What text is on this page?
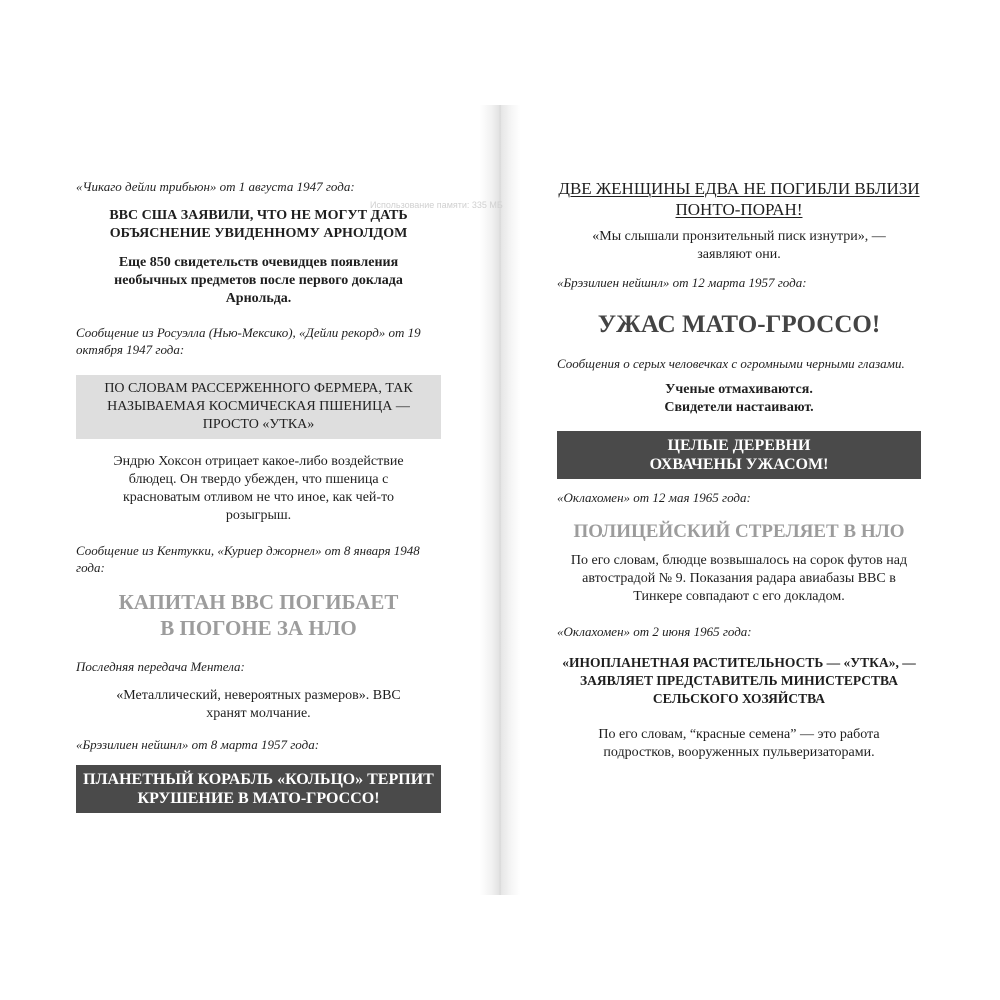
Использование памяти: 335 МБ

«Чикаго дейли трибьюн» от 1 августа 1947 года:

ВВС США ЗАЯВИЛИ, ЧТО НЕ МОГУТ ДАТЬ ОБЪЯСНЕНИЕ УВИДЕННОМУ АРНОЛДОМ

Еще 850 свидетельств очевидцев появления необычных предметов после первого доклада Арнольда.

Сообщение из Росуэлла (Нью-Мексико), «Дейли рекорд» от 19 октября 1947 года:

ПО СЛОВАМ РАССЕРЖЕННОГО ФЕРМЕРА, ТАК НАЗЫВАЕМАЯ КОСМИЧЕСКАЯ ПШЕНИЦА — ПРОСТО «УТКА»

Эндрю Хоксон отрицает какое-либо воздействие блюдец. Он твердо убежден, что пшеница с красноватым отливом не что иное, как чей-то розыгрыш.

Сообщение из Кентукки, «Куриер джорнел» от 8 января 1948 года:

КАПИТАН ВВС ПОГИБАЕТ В ПОГОНЕ ЗА НЛО

Последняя передача Ментела:

«Металлический, невероятных размеров». ВВС хранят молчание.

«Брэзилиен нейшнл» от 8 марта 1957 года:

ПЛАНЕТНЫЙ КОРАБЛЬ «КОЛЬЦО» ТЕРПИТ КРУШЕНИЕ В МАТО-ГРОССО!

ДВЕ ЖЕНЩИНЫ ЕДВА НЕ ПОГИБЛИ ВБЛИЗИ ПОНТО-ПОРАН!

«Мы слышали пронзительный писк изнутри», — заявляют они.

«Брэзилиен нейшнл» от 12 марта 1957 года:

УЖАС МАТО-ГРОССО!

Сообщения о серых человечках с огромными черными глазами.

Ученые отмахиваются. Свидетели настаивают.

ЦЕЛЫЕ ДЕРЕВНИ ОХВАЧЕНЫ УЖАСОМ!

«Оклахомен» от 12 мая 1965 года:

ПОЛИЦЕЙСКИЙ СТРЕЛЯЕТ В НЛО

По его словам, блюдце возвышалось на сорок футов над автострадой № 9. Показания радара авиабазы ВВС в Тинкере совпадают с его докладом.

«Оклахомен» от 2 июня 1965 года:

«ИНОПЛАНЕТНАЯ РАСТИТЕЛЬНОСТЬ — «УТКА», — ЗАЯВЛЯЕТ ПРЕДСТАВИТЕЛЬ МИНИСТЕРСТВА СЕЛЬСКОГО ХОЗЯЙСТВА

По его словам, “красные семена” — это работа подростков, вооруженных пульверизаторами.
